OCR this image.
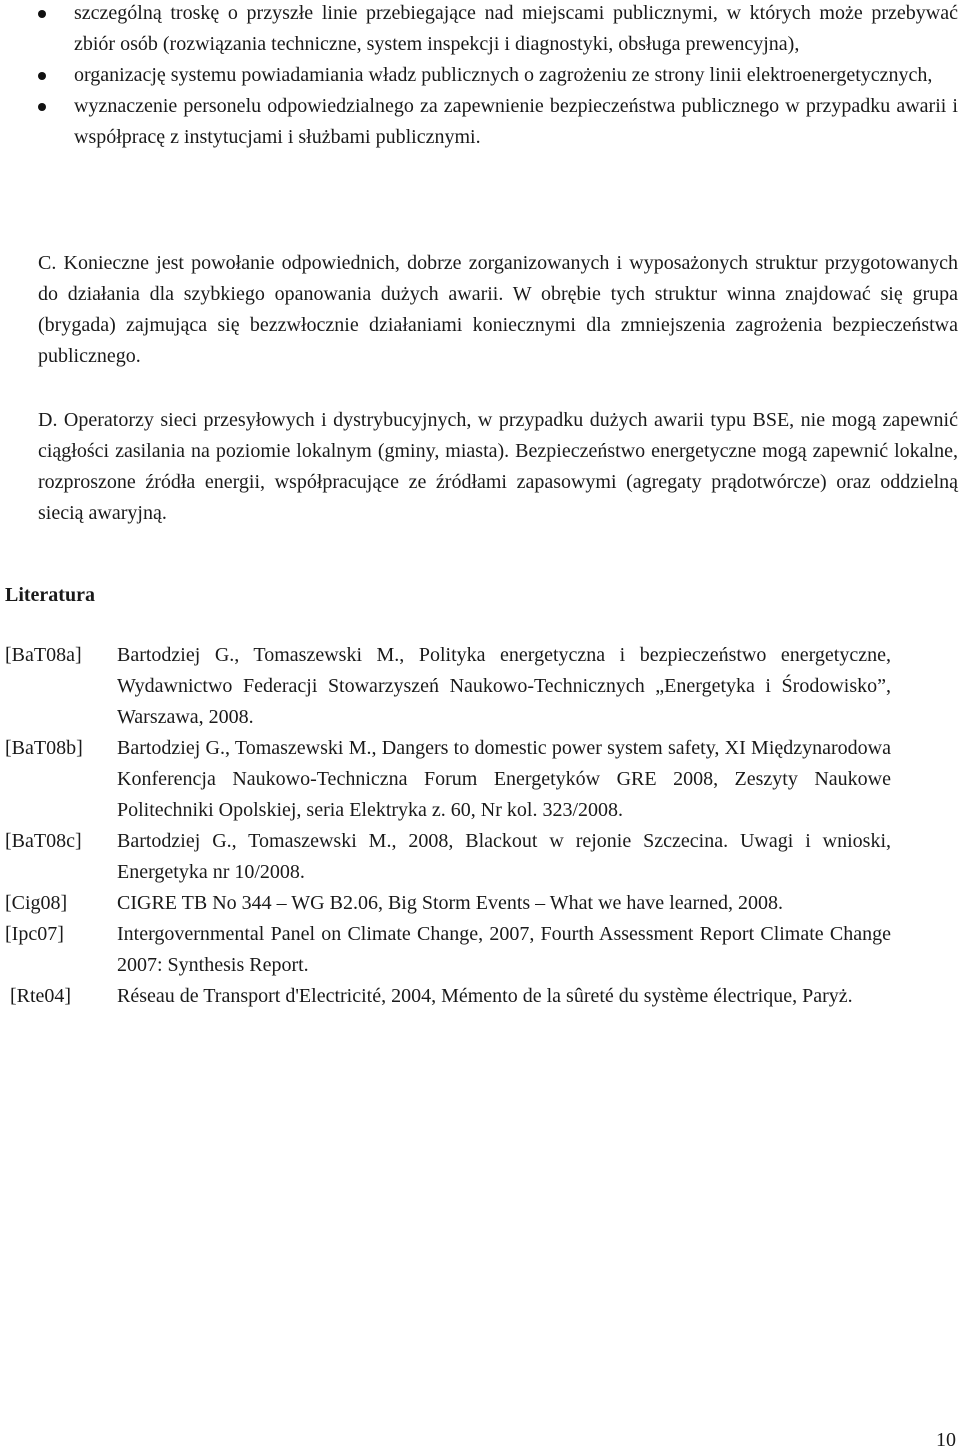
szczególną troskę o przyszłe linie przebiegające nad miejscami publicznymi, w których może przebywać zbiór osób (rozwiązania techniczne, system inspekcji i diagnostyki, obsługa prewencyjna),
organizację systemu powiadamiania władz publicznych o zagrożeniu ze strony linii elektroenergetycznych,
wyznaczenie personelu odpowiedzialnego za zapewnienie bezpieczeństwa publicznego w przypadku awarii i współpracę z instytucjami i służbami publicznymi.

C. Konieczne jest powołanie odpowiednich, dobrze zorganizowanych i wyposażonych struktur przygotowanych do działania dla szybkiego opanowania dużych awarii. W obrębie tych struktur winna znajdować się grupa (brygada) zajmująca się bezzwłocznie działaniami koniecznymi dla zmniejszenia zagrożenia bezpieczeństwa publicznego.

D. Operatorzy sieci przesyłowych i dystrybucyjnych, w przypadku dużych awarii typu BSE, nie mogą zapewnić ciągłości zasilania na poziomie lokalnym (gminy, miasta). Bezpieczeństwo energetyczne mogą zapewnić lokalne, rozproszone źródła energii, współpracujące ze źródłami zapasowymi (agregaty prądotwórcze) oraz oddzielną siecią awaryjną.

Literatura
[BaT08a]	Bartodziej G., Tomaszewski M., Polityka energetyczna i bezpieczeństwo energetyczne, Wydawnictwo Federacji Stowarzyszeń Naukowo-Technicznych „Energetyka i Środowisko”, Warszawa, 2008.
[BaT08b]	Bartodziej G., Tomaszewski M., Dangers to domestic power system safety, XI Międzynarodowa Konferencja Naukowo-Techniczna Forum Energetyków GRE 2008, Zeszyty Naukowe Politechniki Opolskiej, seria Elektryka z. 60, Nr kol. 323/2008.
[BaT08c]	Bartodziej G., Tomaszewski M., 2008, Blackout w rejonie Szczecina. Uwagi i wnioski, Energetyka nr 10/2008.
[Cig08]	CIGRE TB No 344 – WG B2.06, Big Storm Events – What we have learned, 2008.
[Ipc07]	Intergovernmental Panel on Climate Change, 2007, Fourth Assessment Report Climate Change 2007: Synthesis Report.
[Rte04]	Réseau de Transport d'Electricité, 2004, Mémento de la sûreté du système électrique, Paryż.

10
